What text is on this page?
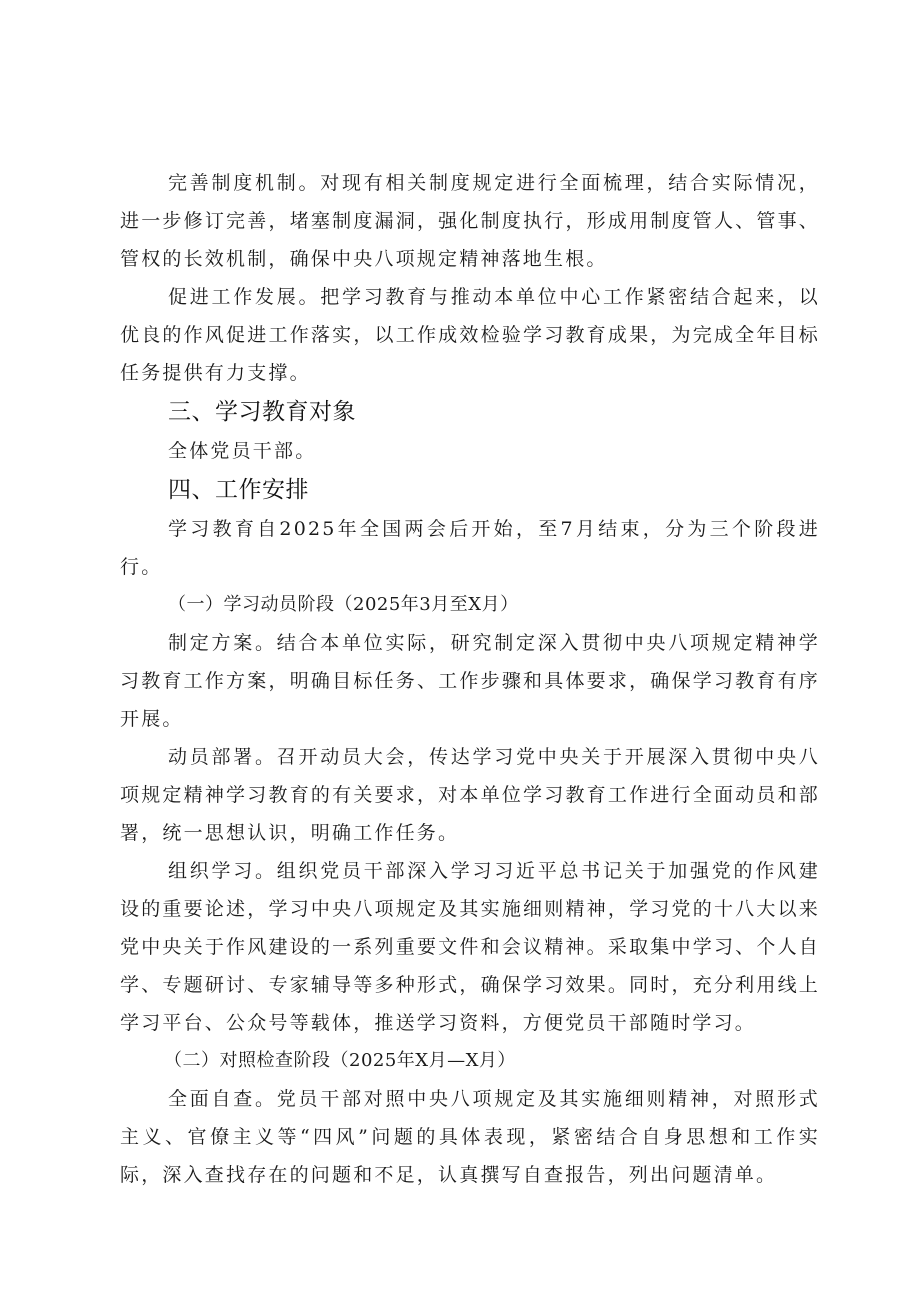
完善制度机制。对现有相关制度规定进行全面梳理，结合实际情况，进一步修订完善，堵塞制度漏洞，强化制度执行，形成用制度管人、管事、管权的长效机制，确保中央八项规定精神落地生根。

促进工作发展。把学习教育与推动本单位中心工作紧密结合起来，以优良的作风促进工作落实，以工作成效检验学习教育成果，为完成全年目标任务提供有力支撑。

三、学习教育对象

全体党员干部。

四、工作安排

学习教育自2025年全国两会后开始，至7月结束，分为三个阶段进行。

（一）学习动员阶段（2025年3月至X月）

制定方案。结合本单位实际，研究制定深入贯彻中央八项规定精神学习教育工作方案，明确目标任务、工作步骤和具体要求，确保学习教育有序开展。

动员部署。召开动员大会，传达学习党中央关于开展深入贯彻中央八项规定精神学习教育的有关要求，对本单位学习教育工作进行全面动员和部署，统一思想认识，明确工作任务。

组织学习。组织党员干部深入学习习近平总书记关于加强党的作风建设的重要论述，学习中央八项规定及其实施细则精神，学习党的十八大以来党中央关于作风建设的一系列重要文件和会议精神。采取集中学习、个人自学、专题研讨、专家辅导等多种形式，确保学习效果。同时，充分利用线上学习平台、公众号等载体，推送学习资料，方便党员干部随时学习。

（二）对照检查阶段（2025年X月—X月）

全面自查。党员干部对照中央八项规定及其实施细则精神，对照形式主义、官僚主义等“四风”问题的具体表现，紧密结合自身思想和工作实际，深入查找存在的问题和不足，认真撰写自查报告，列出问题清单。
